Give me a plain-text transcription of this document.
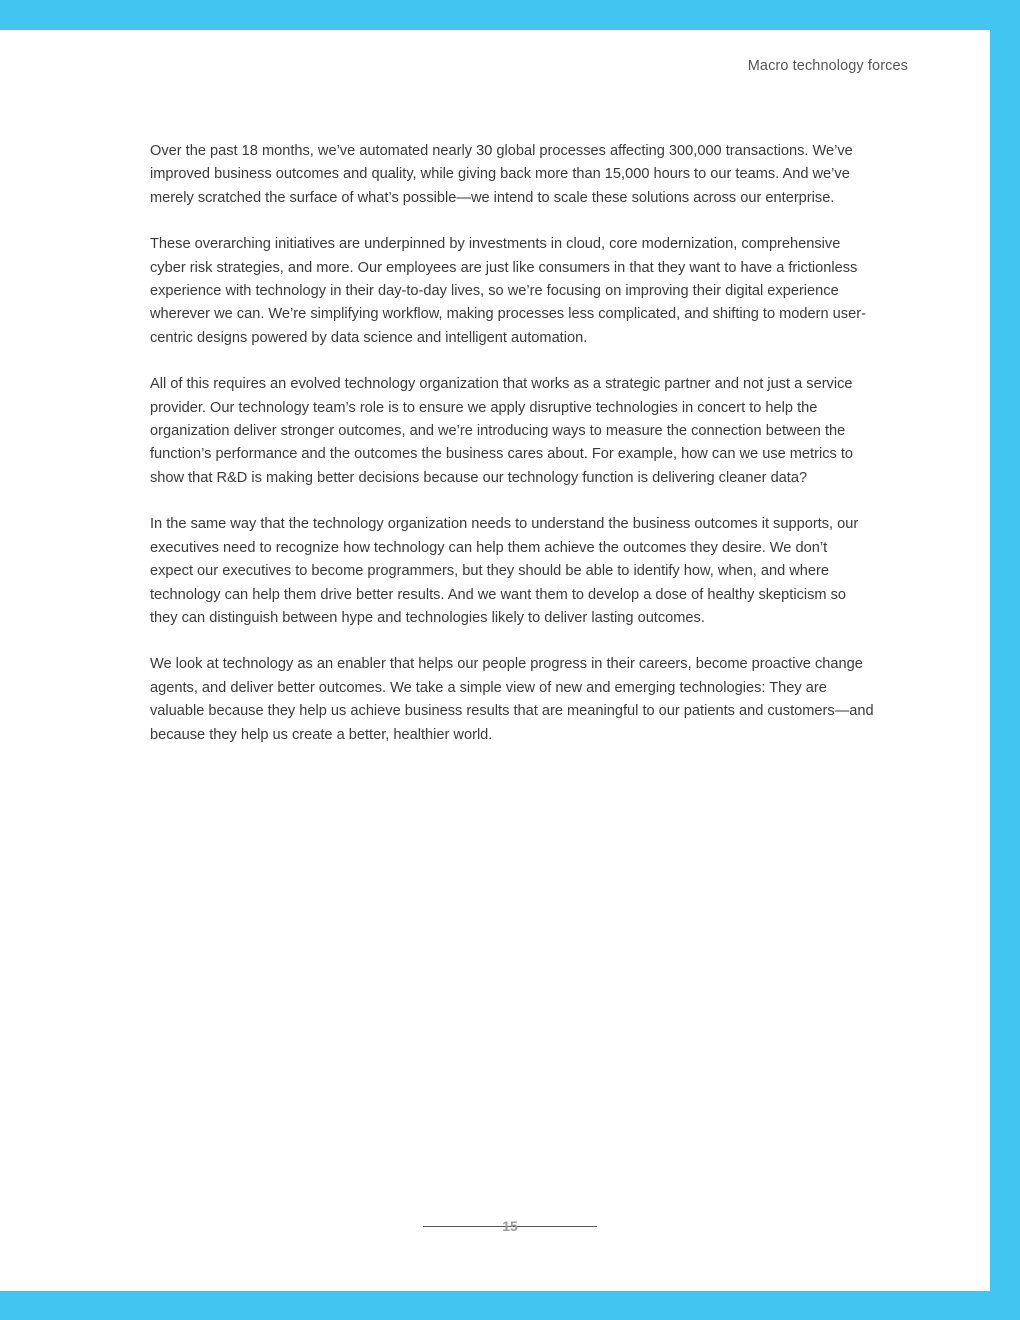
Macro technology forces

Over the past 18 months, we’ve automated nearly 30 global processes affecting 300,000 transactions. We’ve improved business outcomes and quality, while giving back more than 15,000 hours to our teams. And we’ve merely scratched the surface of what’s possible—we intend to scale these solutions across our enterprise.

These overarching initiatives are underpinned by investments in cloud, core modernization, comprehensive cyber risk strategies, and more. Our employees are just like consumers in that they want to have a frictionless experience with technology in their day-to-day lives, so we’re focusing on improving their digital experience wherever we can. We’re simplifying workflow, making processes less complicated, and shifting to modern user-centric designs powered by data science and intelligent automation.

All of this requires an evolved technology organization that works as a strategic partner and not just a service provider. Our technology team’s role is to ensure we apply disruptive technologies in concert to help the organization deliver stronger outcomes, and we’re introducing ways to measure the connection between the function’s performance and the outcomes the business cares about. For example, how can we use metrics to show that R&D is making better decisions because our technology function is delivering cleaner data?

In the same way that the technology organization needs to understand the business outcomes it supports, our executives need to recognize how technology can help them achieve the outcomes they desire. We don’t expect our executives to become programmers, but they should be able to identify how, when, and where technology can help them drive better results. And we want them to develop a dose of healthy skepticism so they can distinguish between hype and technologies likely to deliver lasting outcomes.

We look at technology as an enabler that helps our people progress in their careers, become proactive change agents, and deliver better outcomes. We take a simple view of new and emerging technologies: They are valuable because they help us achieve business results that are meaningful to our patients and customers—and because they help us create a better, healthier world.

15
